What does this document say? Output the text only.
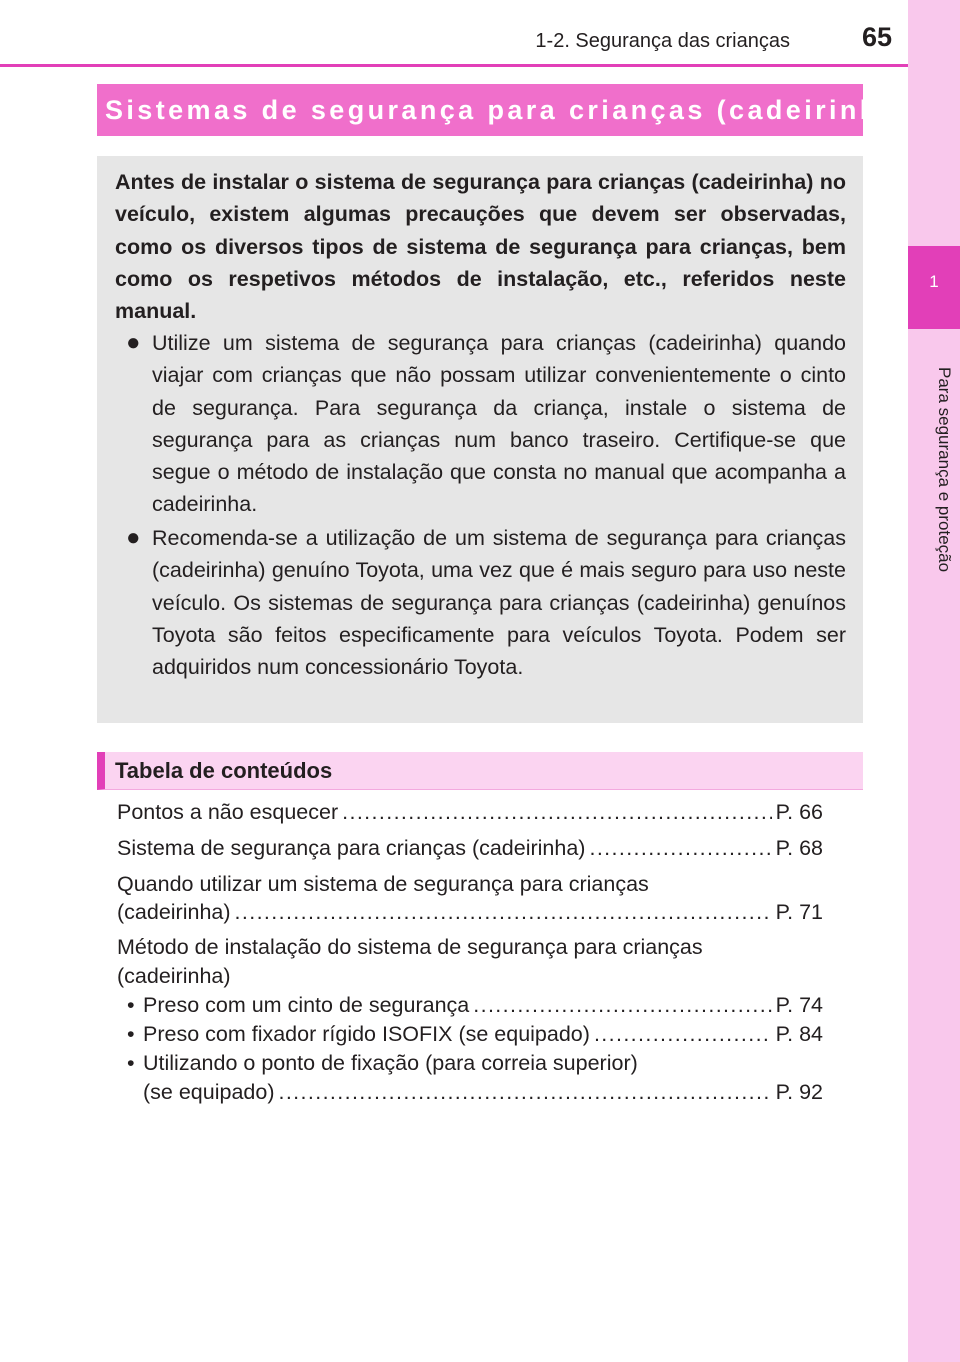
1
Para segurança e proteção
1-2. Segurança das crianças	65
Sistemas de segurança para crianças (cadeirinha)

Antes de instalar o sistema de segurança para crianças (cadeirinha) no veículo, existem algumas precauções que devem ser observadas, como os diversos tipos de sistema de segurança para crianças, bem como os respetivos métodos de instalação, etc., referidos neste manual.

● Utilize um sistema de segurança para crianças (cadeirinha) quando viajar com crianças que não possam utilizar convenientemente o cinto de segurança. Para segurança da criança, instale o sistema de segurança para as crianças num banco traseiro. Certifique-se que segue o método de instalação que consta no manual que acompanha a cadeirinha.

● Recomenda-se a utilização de um sistema de segurança para crianças (cadeirinha) genuíno Toyota, uma vez que é mais seguro para uso neste veículo. Os sistemas de segurança para crianças (cadeirinha) genuínos Toyota são feitos especificamente para veículos Toyota. Podem ser adquiridos num concessionário Toyota.

Tabela de conteúdos
Pontos a não esquecer . . .	P. 66
Sistema de segurança para crianças (cadeirinha) . . .	P. 68
Quando utilizar um sistema de segurança para crianças
(cadeirinha) . . .	P. 71
Método de instalação do sistema de segurança para crianças
(cadeirinha)
• Preso com um cinto de segurança . . .	P. 74
• Preso com fixador rígido ISOFIX (se equipado) . . .	P. 84
• Utilizando o ponto de fixação (para correia superior)
(se equipado) . . .	P. 92
